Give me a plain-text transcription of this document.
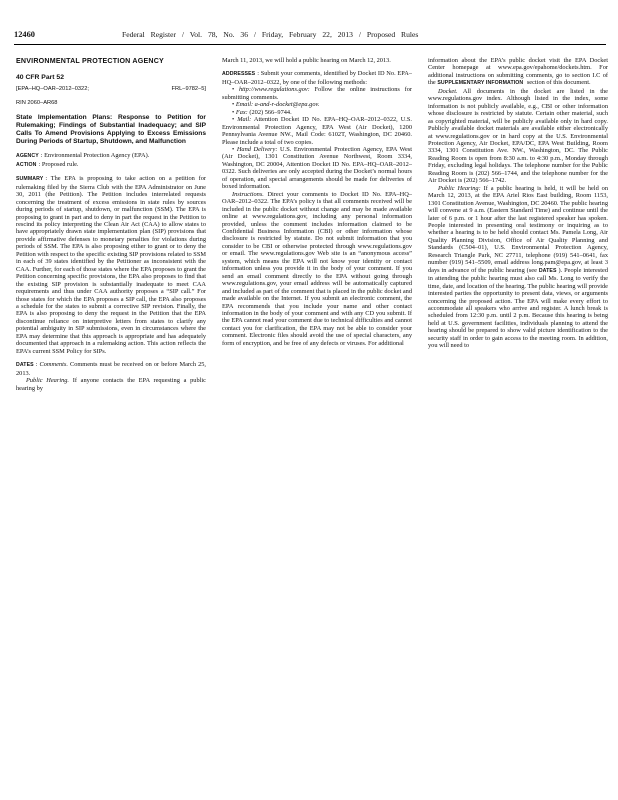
12460	Federal Register / Vol. 78, No. 36 / Friday, February 22, 2013 / Proposed Rules

ENVIRONMENTAL PROTECTION AGENCY

40 CFR Part 52

[EPA–HQ–OAR–2012–0322;	FRL–9782–5]

RIN 2060–AR68

State Implementation Plans: Response to Petition for Rulemaking; Findings of Substantial Inadequacy; and SIP Calls To Amend Provisions Applying to Excess Emissions During Periods of Startup, Shutdown, and Malfunction

AGENCY : Environmental Protection Agency (EPA).

ACTION : Proposed rule.

SUMMARY : The EPA is proposing to take action on a petition for rulemaking filed by the Sierra Club with the EPA Administrator on June 30, 2011 (the Petition). The Petition includes interrelated requests concerning the treatment of excess emissions in state rules by sources during periods of startup, shutdown, or malfunction (SSM). The EPA is proposing to grant in part and to deny in part the request in the Petition to rescind its policy interpreting the Clean Air Act (CAA) to allow states to have appropriately drawn state implementation plan (SIP) provisions that provide affirmative defenses to monetary penalties for violations during periods of SSM. The EPA is also proposing either to grant or to deny the Petition with respect to the specific existing SIP provisions related to SSM in each of 39 states identified by the Petitioner as inconsistent with the CAA. Further, for each of those states where the EPA proposes to grant the Petition concerning specific provisions, the EPA also proposes to find that the existing SIP provision is substantially inadequate to meet CAA requirements and thus under CAA authority proposes a “SIP call.” For those states for which the EPA proposes a SIP call, the EPA also proposes a schedule for the states to submit a corrective SIP revision. Finally, the EPA is also proposing to deny the request in the Petition that the EPA discontinue reliance on interpretive letters from states to clarify any potential ambiguity in SIP submissions, even in circumstances where the EPA may determine that this approach is appropriate and has adequately documented that approach in a rulemaking action. This action reflects the EPA’s current SSM Policy for SIPs.

DATES : Comments. Comments must be received on or before March 25, 2013.

Public Hearing. If anyone contacts the EPA requesting a public hearing by

March 11, 2013, we will hold a public hearing on March 12, 2013.

ADDRESSES : Submit your comments, identified by Docket ID No. EPA–HQ–OAR–2012–0322, by one of the following methods:

• http://www.regulations.gov: Follow the online instructions for submitting comments.

• Email: a-and-r-docket@epa.gov.

• Fax: (202) 566–9744.

• Mail: Attention Docket ID No. EPA–HQ–OAR–2012–0322, U.S. Environmental Protection Agency, EPA West (Air Docket), 1200 Pennsylvania Avenue NW., Mail Code: 6102T, Washington, DC 20460. Please include a total of two copies.

• Hand Delivery: U.S. Environmental Protection Agency, EPA West (Air Docket), 1301 Constitution Avenue Northwest, Room 3334, Washington, DC 20004, Attention Docket ID No. EPA–HQ–OAR–2012–0322. Such deliveries are only accepted during the Docket’s normal hours of operation, and special arrangements should be made for deliveries of boxed information.

Instructions. Direct your comments to Docket ID No. EPA–HQ–OAR–2012–0322. The EPA’s policy is that all comments received will be included in the public docket without change and may be made available online at www.regulations.gov, including any personal information provided, unless the comment includes information claimed to be Confidential Business Information (CBI) or other information whose disclosure is restricted by statute. Do not submit information that you consider to be CBI or otherwise protected through www.regulations.gov or email. The www.regulations.gov Web site is an “anonymous access” system, which means the EPA will not know your identity or contact information unless you provide it in the body of your comment. If you send an email comment directly to the EPA without going through www.regulations.gov, your email address will be automatically captured and included as part of the comment that is placed in the public docket and made available on the Internet. If you submit an electronic comment, the EPA recommends that you include your name and other contact information in the body of your comment and with any CD you submit. If the EPA cannot read your comment due to technical difficulties and cannot contact you for clarification, the EPA may not be able to consider your comment. Electronic files should avoid the use of special characters, any form of encryption, and be free of any defects or viruses. For additional

information about the EPA’s public docket visit the EPA Docket Center homepage at www.epa.gov/epahome/dockets.htm. For additional instructions on submitting comments, go to section I.C of the SUPPLEMENTARY INFORMATION section of this document.

Docket. All documents in the docket are listed in the www.regulations.gov index. Although listed in the index, some information is not publicly available, e.g., CBI or other information whose disclosure is restricted by statute. Certain other material, such as copyrighted material, will be publicly available only in hard copy. Publicly available docket materials are available either electronically at www.regulations.gov or in hard copy at the U.S. Environmental Protection Agency, Air Docket, EPA/DC, EPA West Building, Room 3334, 1301 Constitution Ave. NW., Washington, DC. The Public Reading Room is open from 8:30 a.m. to 4:30 p.m., Monday through Friday, excluding legal holidays. The telephone number for the Public Reading Room is (202) 566–1744, and the telephone number for the Air Docket is (202) 566–1742.

Public Hearing: If a public hearing is held, it will be held on March 12, 2013, at the EPA Ariel Rios East building, Room 1153, 1301 Constitution Avenue, Washington, DC 20460. The public hearing will convene at 9 a.m. (Eastern Standard Time) and continue until the later of 6 p.m. or 1 hour after the last registered speaker has spoken. People interested in presenting oral testimony or inquiring as to whether a hearing is to be held should contact Ms. Pamela Long, Air Quality Planning Division, Office of Air Quality Planning and Standards (C504–01), U.S. Environmental Protection Agency, Research Triangle Park, NC 27711, telephone (919) 541–0641, fax number (919) 541–5509, email address long.pam@epa.gov, at least 3 days in advance of the public hearing (see DATES ). People interested in attending the public hearing must also call Ms. Long to verify the time, date, and location of the hearing. The public hearing will provide interested parties the opportunity to present data, views, or arguments concerning the proposed action. The EPA will make every effort to accommodate all speakers who arrive and register. A lunch break is scheduled from 12:30 p.m. until 2 p.m. Because this hearing is being held at U.S. government facilities, individuals planning to attend the hearing should be prepared to show valid picture identification to the security staff in order to gain access to the meeting room. In addition, you will need to
